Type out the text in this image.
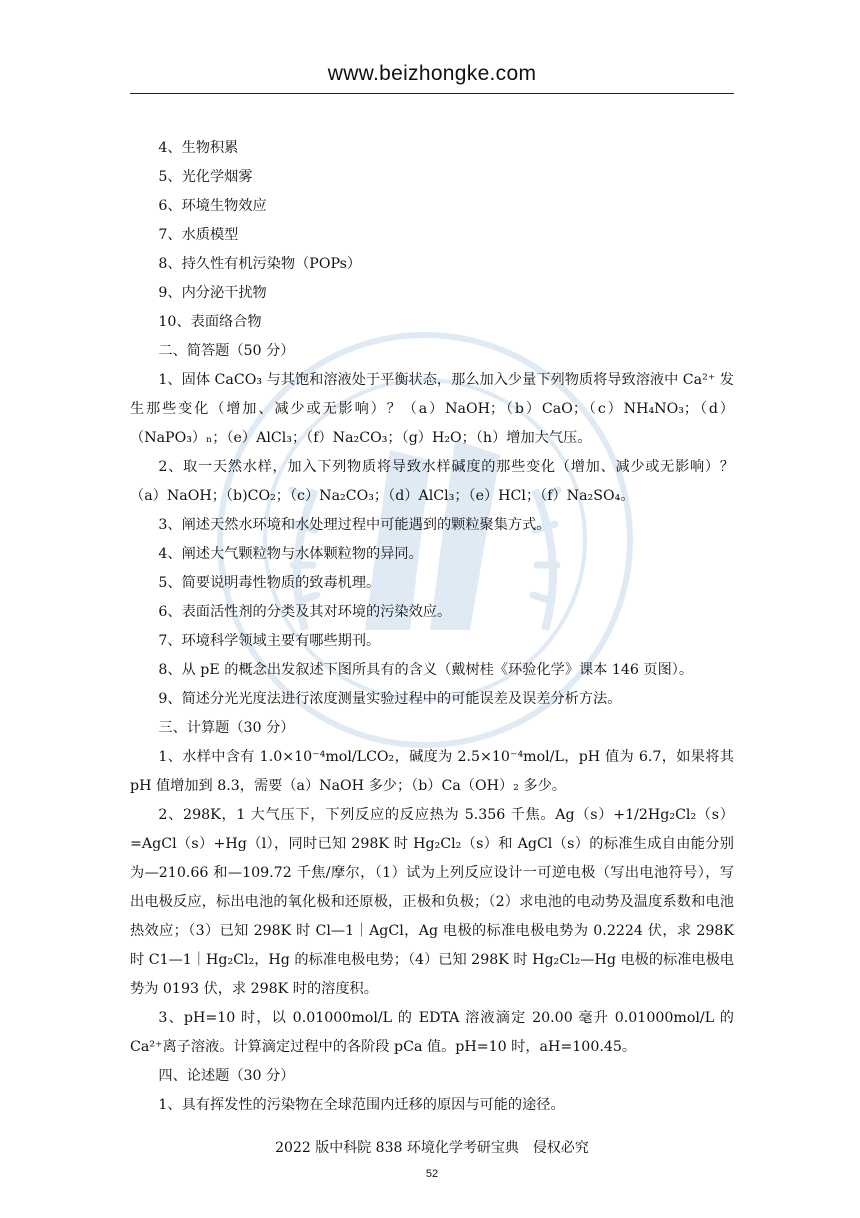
www.beizhongke.com

4、生物积累

5、光化学烟雾

6、环境生物效应

7、水质模型

8、持久性有机污染物（POPs）

9、内分泌干扰物

10、表面络合物

二、简答题（50 分）

1、固体 CaCO₃ 与其饱和溶液处于平衡状态，那么加入少量下列物质将导致溶液中 Ca²⁺ 发生那些变化（增加、减少或无影响）？（a）NaOH；（b）CaO；（c）NH₄NO₃；（d）（NaPO₃）ₙ；（e）AlCl₃；（f）Na₂CO₃；（g）H₂O；（h）增加大气压。

2、取一天然水样，加入下列物质将导致水样碱度的那些变化（增加、减少或无影响）？（a）NaOH；（b)CO₂；（c）Na₂CO₃；（d）AlCl₃；（e）HCl；（f）Na₂SO₄。

3、阐述天然水环境和水处理过程中可能遇到的颗粒聚集方式。

4、阐述大气颗粒物与水体颗粒物的异同。

5、简要说明毒性物质的致毒机理。

6、表面活性剂的分类及其对环境的污染效应。

7、环境科学领域主要有哪些期刊。

8、从 pE 的概念出发叙述下图所具有的含义（戴树桂《环验化学》课本 146 页图）。

9、简述分光光度法进行浓度测量实验过程中的可能误差及误差分析方法。

三、计算题（30 分）

1、水样中含有 1.0×10⁻⁴mol/LCO₂，碱度为 2.5×10⁻⁴mol/L，pH 值为 6.7，如果将其 pH 值增加到 8.3，需要（a）NaOH 多少；（b）Ca（OH）₂ 多少。

2、298K，1 大气压下，下列反应的反应热为 5.356 千焦。Ag（s）+1/2Hg₂Cl₂（s）=AgCl（s）+Hg（l），同时已知 298K 时 Hg₂Cl₂（s）和 AgCl（s）的标准生成自由能分别为—210.66 和—109.72 千焦/摩尔，（1）试为上列反应设计一可逆电极（写出电池符号），写出电极反应，标出电池的氧化极和还原极，正极和负极；（2）求电池的电动势及温度系数和电池热效应；（3）已知 298K 时 Cl—1｜AgCl，Ag 电极的标准电极电势为 0.2224 伏，求 298K 时 C1—1｜Hg₂Cl₂，Hg 的标准电极电势；（4）已知 298K 时 Hg₂Cl₂—Hg 电极的标准电极电势为 0193 伏，求 298K 时的溶度积。

3、pH=10 时，以 0.01000mol/L 的 EDTA 溶液滴定 20.00 毫升 0.01000mol/L 的 Ca²⁺离子溶液。计算滴定过程中的各阶段 pCa 值。pH=10 时，aH=100.45。

四、论述题（30 分）

1、具有挥发性的污染物在全球范围内迁移的原因与可能的途径。

2022 版中科院 838 环境化学考研宝典　侵权必究
52
